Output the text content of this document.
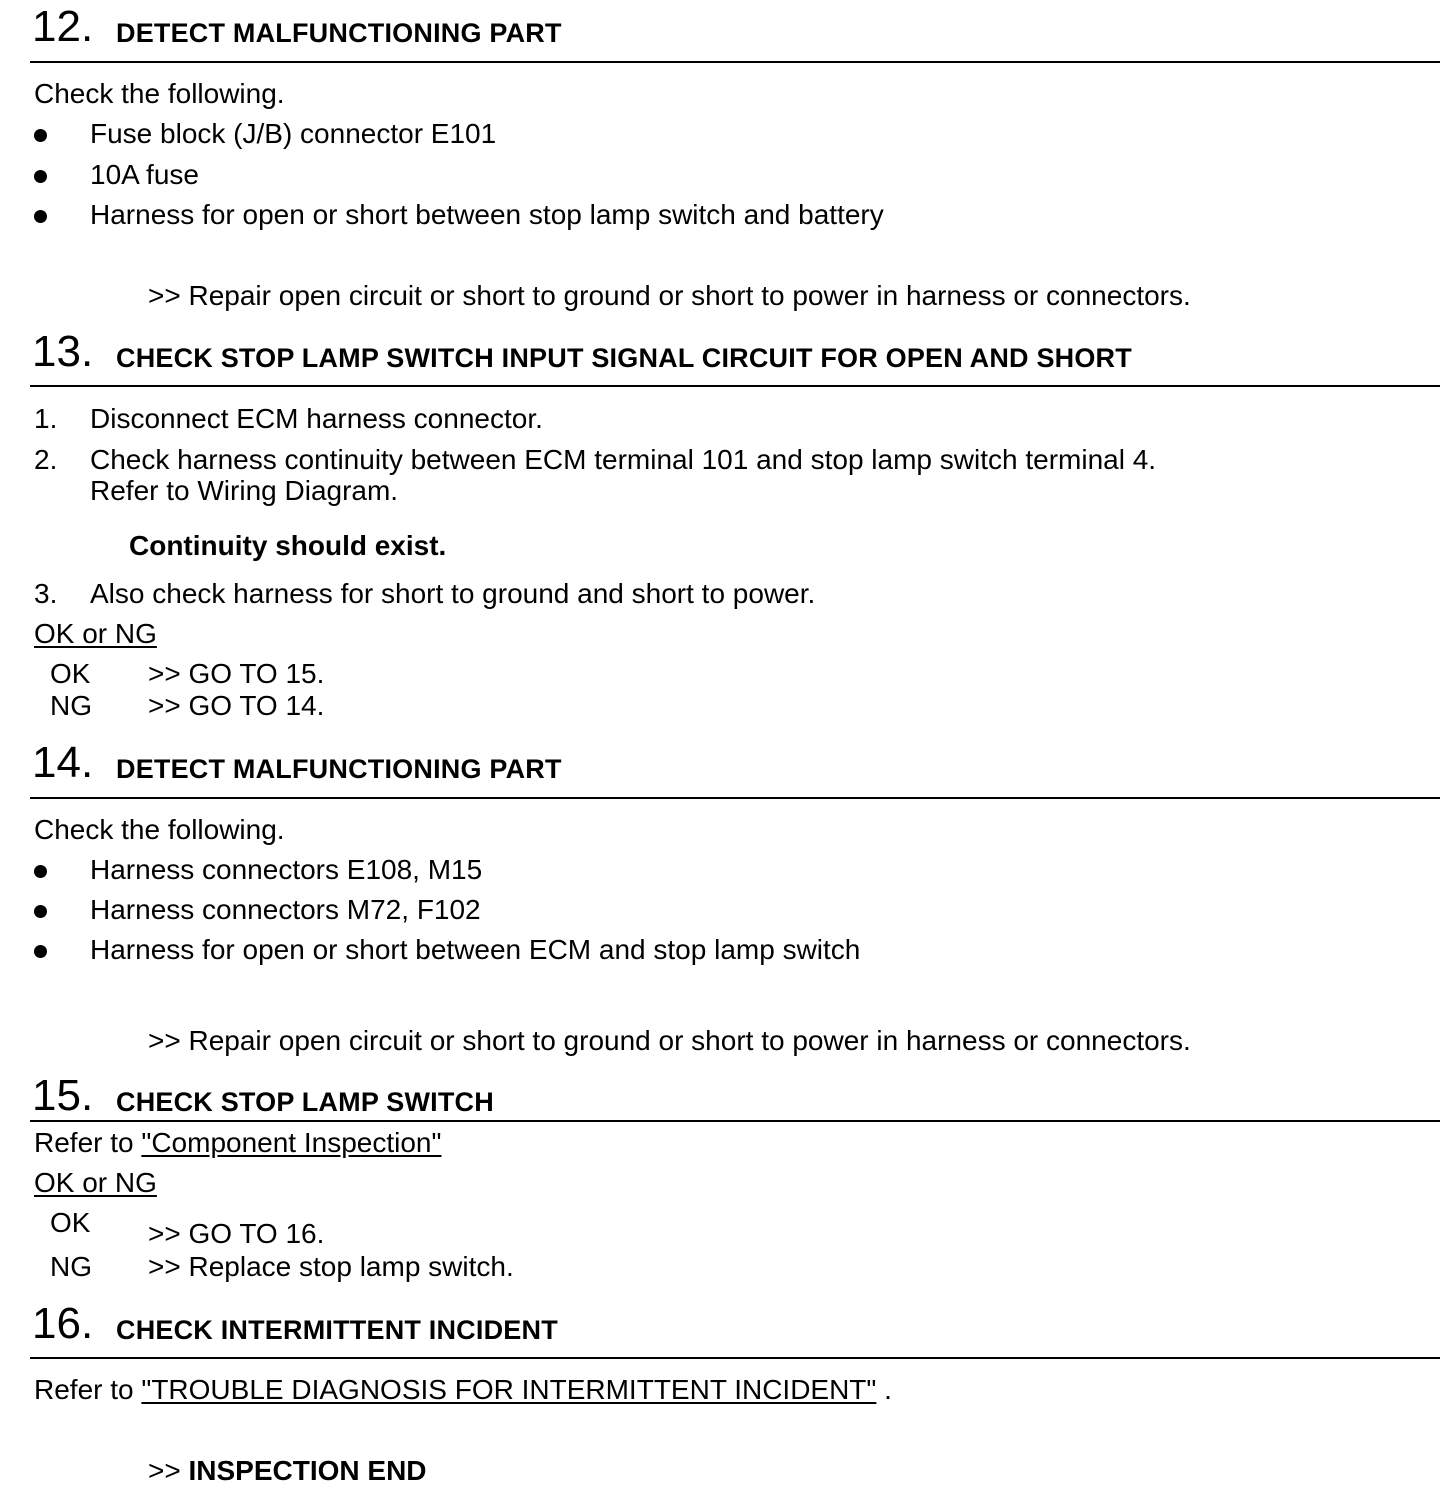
12. DETECT MALFUNCTIONING PART
Check the following.
Fuse block (J/B) connector E101
10A fuse
Harness for open or short between stop lamp switch and battery
>> Repair open circuit or short to ground or short to power in harness or connectors.
13. CHECK STOP LAMP SWITCH INPUT SIGNAL CIRCUIT FOR OPEN AND SHORT
1. Disconnect ECM harness connector.
2. Check harness continuity between ECM terminal 101 and stop lamp switch terminal 4.
Refer to Wiring Diagram.
Continuity should exist.
3. Also check harness for short to ground and short to power.
OK or NG
OK >> GO TO 15.
NG >> GO TO 14.
14. DETECT MALFUNCTIONING PART
Check the following.
Harness connectors E108, M15
Harness connectors M72, F102
Harness for open or short between ECM and stop lamp switch
>> Repair open circuit or short to ground or short to power in harness or connectors.
15. CHECK STOP LAMP SWITCH
Refer to "Component Inspection"
OK or NG
OK >> GO TO 16.
NG >> Replace stop lamp switch.
16. CHECK INTERMITTENT INCIDENT
Refer to "TROUBLE DIAGNOSIS FOR INTERMITTENT INCIDENT" .
>> INSPECTION END
